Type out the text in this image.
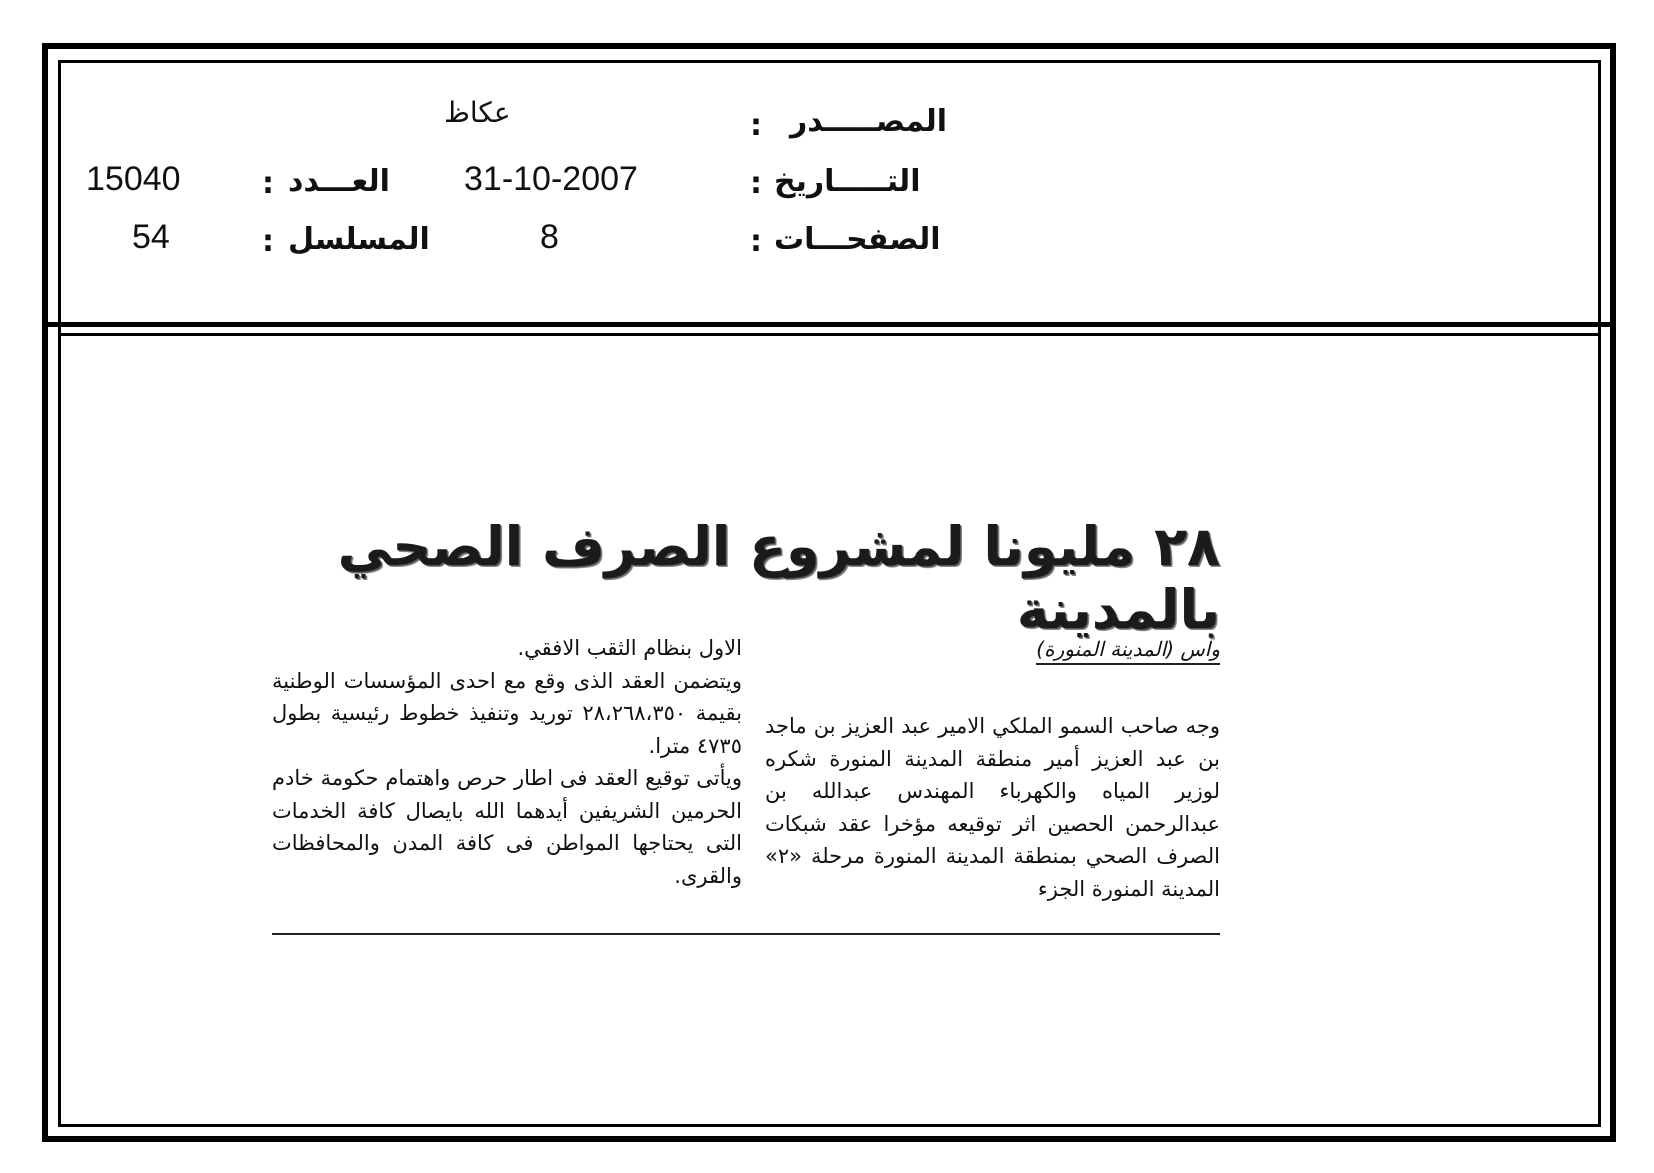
المصـــــدر
:
عكاظ
التـــــاريخ
:
31-10-2007
العـــدد
:
15040
الصفحـــات
:
8
المسلسل
:
54
٢٨ مليونا لمشروع الصرف الصحي بالمدينة
واس (المدينة المنورة)

وجه صاحب السمو الملكي الامير عبد العزيز بن ماجد بن عبد العزيز أمير منطقة المدينة المنورة شكره لوزير المياه والكهرباء المهندس عبدالله بن عبدالرحمن الحصين اثر توقيعه مؤخرا عقد شبكات الصرف الصحي بمنطقة المدينة المنورة مرحلة «٢» المدينة المنورة الجزء

الاول بنظام الثقب الافقي.

ويتضمن العقد الذى وقع مع احدى المؤسسات الوطنية بقيمة ٢٨،٢٦٨،٣٥٠ توريد وتنفيذ خطوط رئيسية بطول ٤٧٣٥ مترا.

ويأتى توقيع العقد فى اطار حرص واهتمام حكومة خادم الحرمين الشريفين أيدهما الله بايصال كافة الخدمات التى يحتاجها المواطن فى كافة المدن والمحافظات والقرى.
